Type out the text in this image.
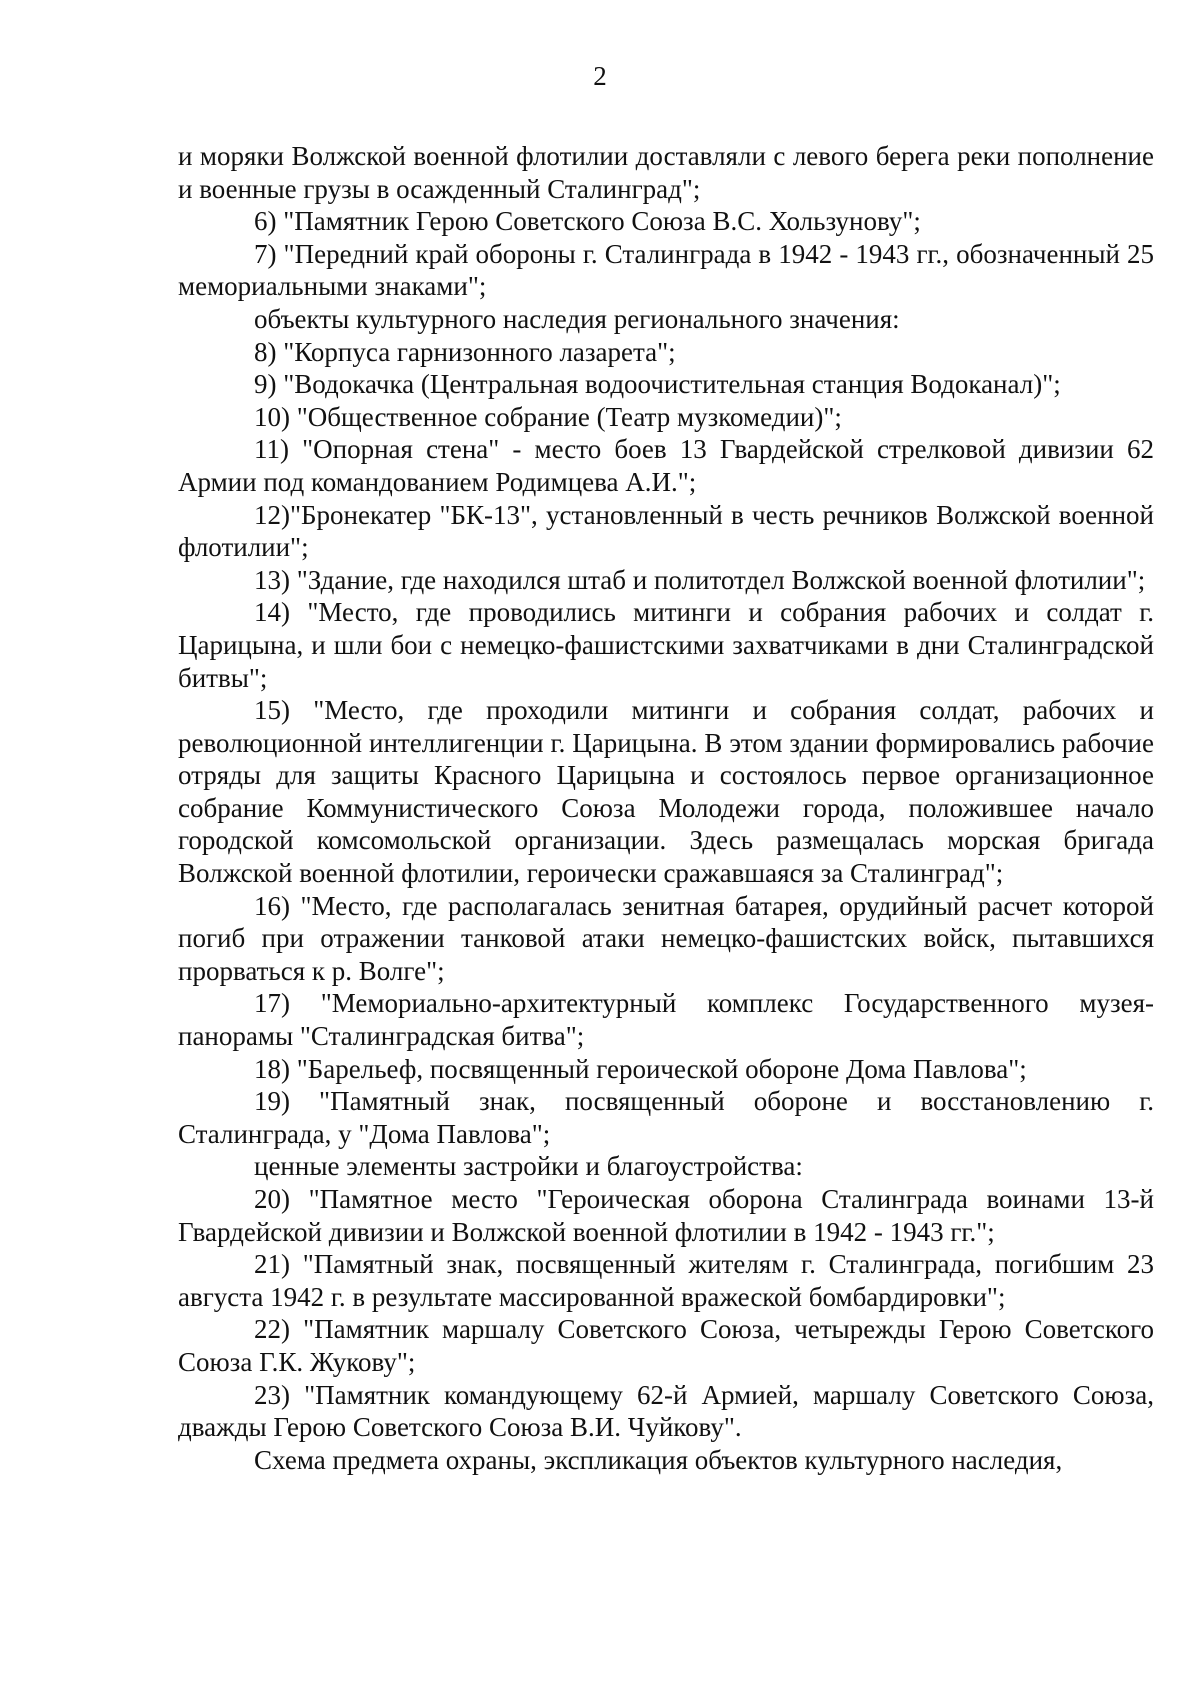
2

и моряки Волжской военной флотилии доставляли с левого берега реки пополнение и военные грузы в осажденный Сталинград";

6) "Памятник Герою Советского Союза В.С. Хользунову";

7) "Передний край обороны г. Сталинграда в 1942 - 1943 гг., обозначенный 25 мемориальными знаками";

объекты культурного наследия регионального значения:

8) "Корпуса гарнизонного лазарета";

9) "Водокачка (Центральная водоочистительная станция Водоканал)";

10) "Общественное собрание (Театр музкомедии)";

11) "Опорная стена" - место боев 13 Гвардейской стрелковой дивизии 62 Армии под командованием Родимцева А.И.";

12)"Бронекатер "БК-13", установленный в честь речников Волжской военной флотилии";

13) "Здание, где находился штаб и политотдел Волжской военной флотилии";

14) "Место, где проводились митинги и собрания рабочих и солдат г. Царицына, и шли бои с немецко-фашистскими захватчиками в дни Сталинградской битвы";

15) "Место, где проходили митинги и собрания солдат, рабочих и революционной интеллигенции г. Царицына. В этом здании формировались рабочие отряды для защиты Красного Царицына и состоялось первое организационное собрание Коммунистического Союза Молодежи города, положившее начало городской комсомольской организации. Здесь размещалась морская бригада Волжской военной флотилии, героически сражавшаяся за Сталинград";

16) "Место, где располагалась зенитная батарея, орудийный расчет которой погиб при отражении танковой атаки немецко-фашистских войск, пытавшихся прорваться к р. Волге";

17) "Мемориально-архитектурный комплекс Государственного музея-панорамы "Сталинградская битва";

18) "Барельеф, посвященный героической обороне Дома Павлова";

19) "Памятный знак, посвященный обороне и восстановлению г. Сталинграда, у "Дома Павлова";

ценные элементы застройки и благоустройства:

20) "Памятное место "Героическая оборона Сталинграда воинами 13-й Гвардейской дивизии и Волжской военной флотилии в 1942 - 1943 гг.";

21) "Памятный знак, посвященный жителям г. Сталинграда, погибшим 23 августа 1942 г. в результате массированной вражеской бомбардировки";

22) "Памятник маршалу Советского Союза, четырежды Герою Советского Союза Г.К. Жукову";

23) "Памятник командующему 62-й Армией, маршалу Советского Союза, дважды Герою Советского Союза В.И. Чуйкову".

Схема предмета охраны, экспликация объектов культурного наследия,
